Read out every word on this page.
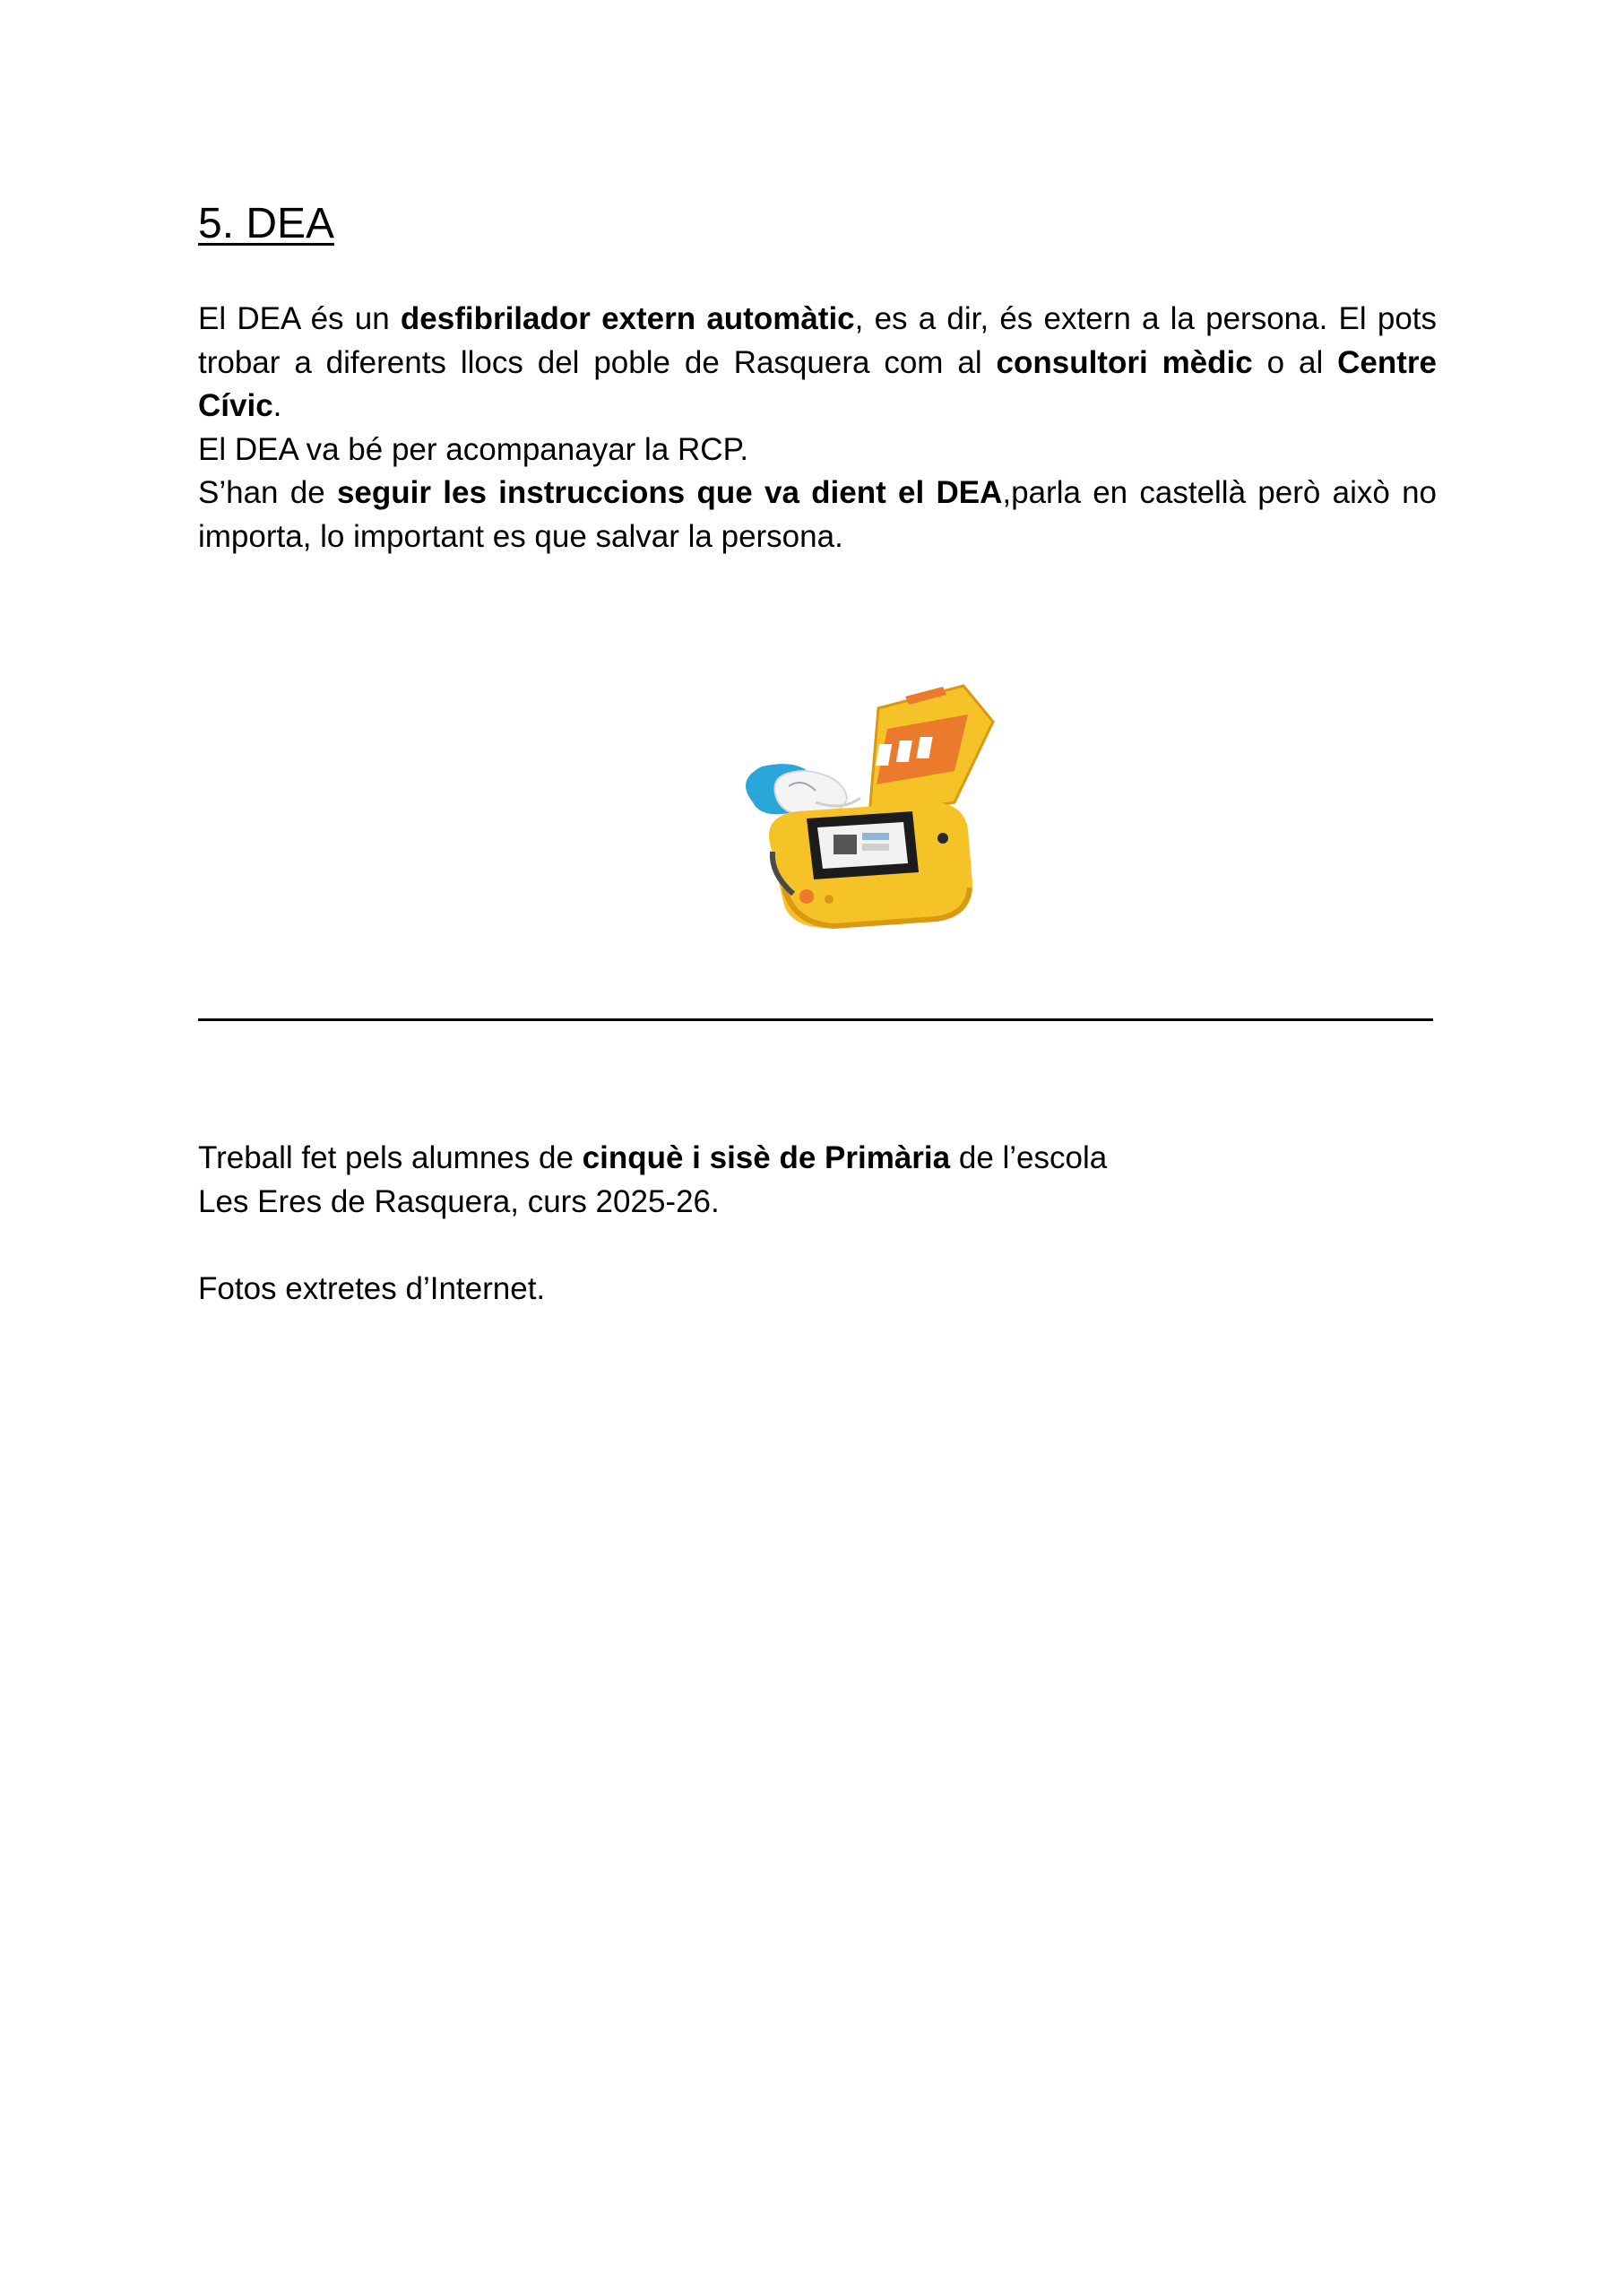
5. DEA

El DEA és un desfibrilador extern automàtic, es a dir, és extern a la persona. El pots trobar a diferents llocs del poble de Rasquera com al consultori mèdic o al Centre Cívic.

El DEA va bé per acompanayar la RCP.

S’han de seguir les instruccions que va dient el DEA,parla en castellà però això no importa, lo important es que salvar la persona.

Treball fet pels alumnes de cinquè i sisè de Primària de l’escola

Les Eres de Rasquera, curs 2025-26.

Fotos extretes d’Internet.
